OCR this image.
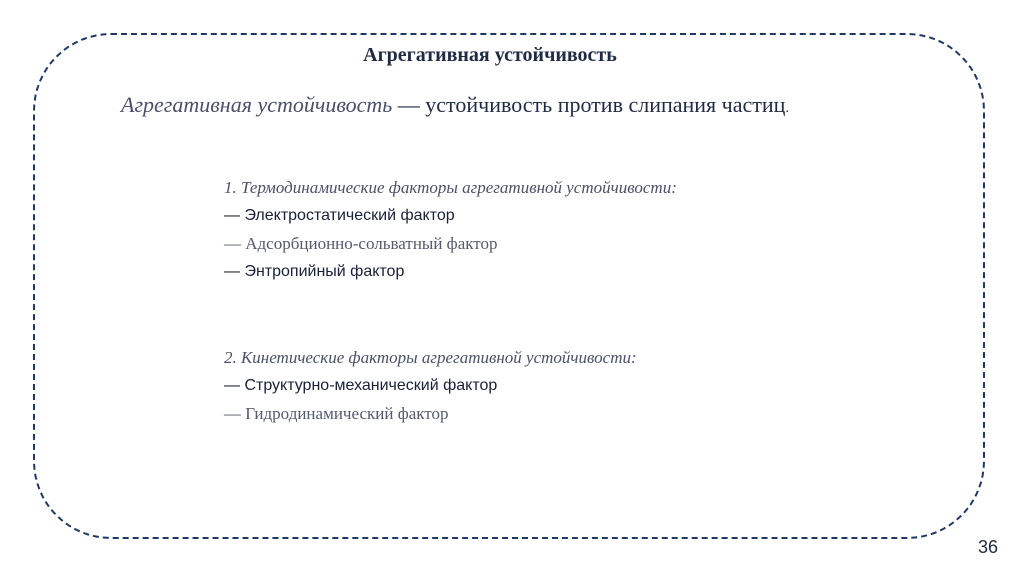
Агрегативная устойчивость
Агрегативная устойчивость — устойчивость против слипания частиц.
1. Термодинамические факторы агрегативной устойчивости:
— Электростатический фактор
— Адсорбционно-сольватный фактор
— Энтропийный фактор
2. Кинетические факторы агрегативной устойчивости:
— Структурно-механический фактор
— Гидродинамический фактор
36
